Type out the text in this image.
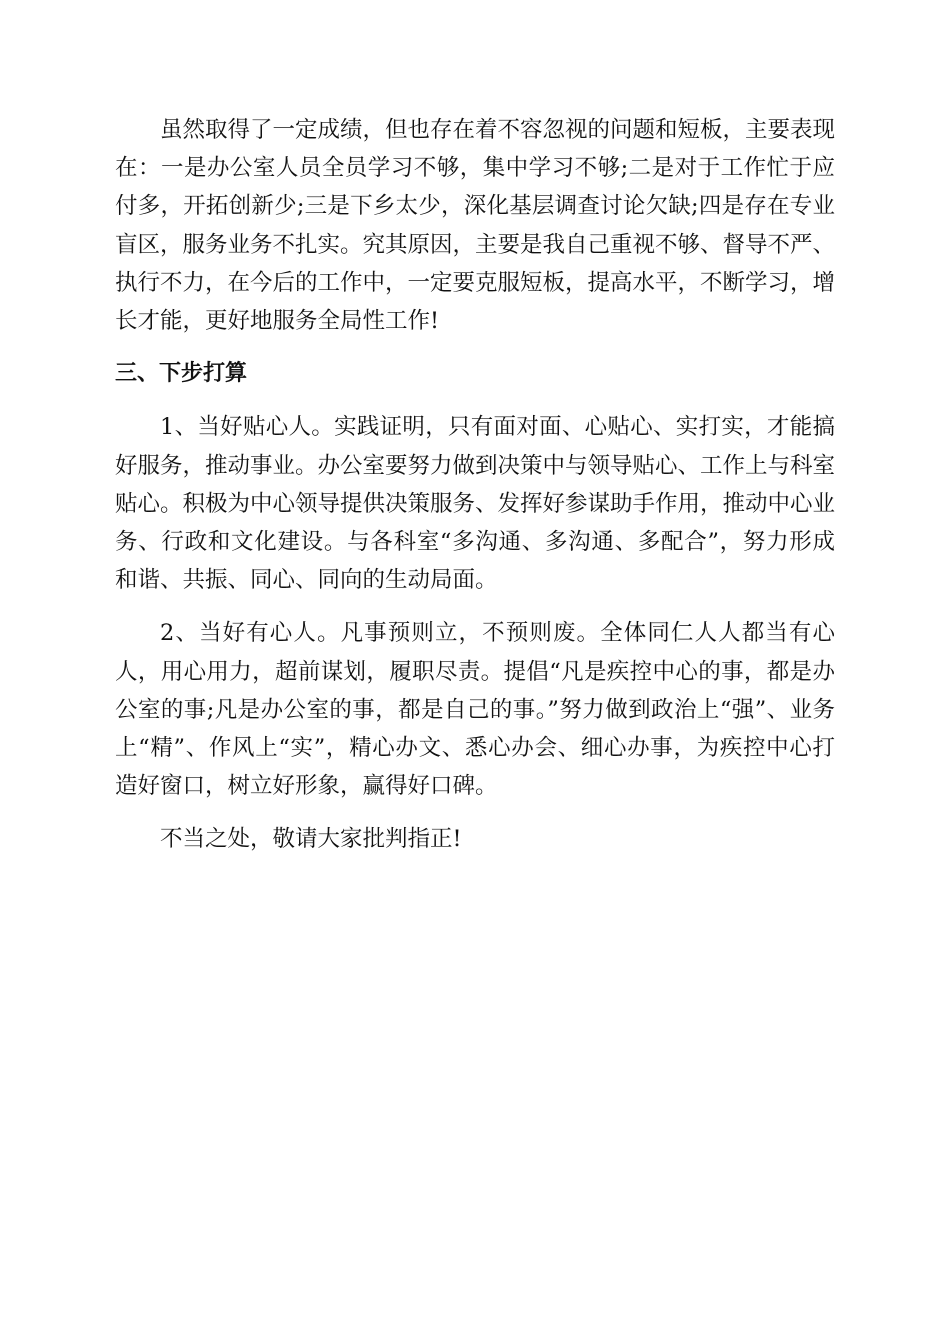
虽然取得了一定成绩，但也存在着不容忽视的问题和短板，主要表现在：一是办公室人员全员学习不够，集中学习不够;二是对于工作忙于应付多，开拓创新少;三是下乡太少，深化基层调查讨论欠缺;四是存在专业盲区，服务业务不扎实。究其原因，主要是我自己重视不够、督导不严、执行不力，在今后的工作中，一定要克服短板，提高水平，不断学习，增长才能，更好地服务全局性工作!

三、下步打算

1、当好贴心人。实践证明，只有面对面、心贴心、实打实，才能搞好服务，推动事业。办公室要努力做到决策中与领导贴心、工作上与科室贴心。积极为中心领导提供决策服务、发挥好参谋助手作用，推动中心业务、行政和文化建设。与各科室“多沟通、多沟通、多配合”，努力形成和谐、共振、同心、同向的生动局面。

2、当好有心人。凡事预则立，不预则废。全体同仁人人都当有心人，用心用力，超前谋划，履职尽责。提倡“凡是疾控中心的事，都是办公室的事;凡是办公室的事，都是自己的事。”努力做到政治上“强”、业务上“精”、作风上“实”，精心办文、悉心办会、细心办事，为疾控中心打造好窗口，树立好形象，赢得好口碑。

不当之处，敬请大家批判指正!
